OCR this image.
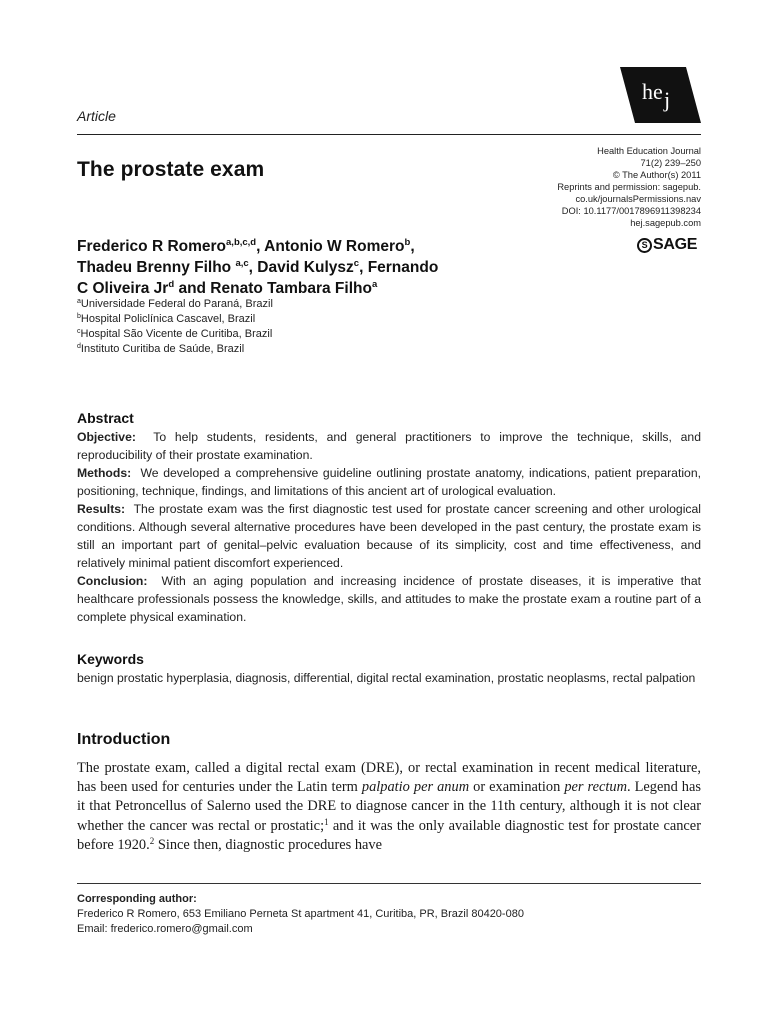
he j
Article
The prostate exam
Health Education Journal
71(2) 239–250
© The Author(s) 2011
Reprints and permission: sagepub.
co.uk/journalsPermissions.nav
DOI: 10.1177/0017896911398234
hej.sagepub.com
S SAGE
Frederico R Romero$^{a,b,c,d}$, Antonio W Romero$^b$,
Thadeu Brenny Filho $^{a,c}$, David Kulysz$^c$, Fernando
C Oliveira Jr$^d$ and Renato Tambara Filho$^a$
$^a$Universidade Federal do Paraná, Brazil
$^b$Hospital Policlínica Cascavel, Brazil
$^c$Hospital São Vicente de Curitiba, Brazil
$^d$Instituto Curitiba de Saúde, Brazil
Abstract

Objective: To help students, residents, and general practitioners to improve the technique, skills, and reproducibility of their prostate examination.

Methods: We developed a comprehensive guideline outlining prostate anatomy, indications, patient preparation, positioning, technique, findings, and limitations of this ancient art of urological evaluation.

Results: The prostate exam was the first diagnostic test used for prostate cancer screening and other urological conditions. Although several alternative procedures have been developed in the past century, the prostate exam is still an important part of genital–pelvic evaluation because of its simplicity, cost and time effectiveness, and relatively minimal patient discomfort experienced.

Conclusion: With an aging population and increasing incidence of prostate diseases, it is imperative that healthcare professionals possess the knowledge, skills, and attitudes to make the prostate exam a routine part of a complete physical examination.

Keywords

benign prostatic hyperplasia, diagnosis, differential, digital rectal examination, prostatic neoplasms, rectal palpation

Introduction

The prostate exam, called a digital rectal exam (DRE), or rectal examination in recent medical literature, has been used for centuries under the Latin term palpatio per anum or examination per rectum. Legend has it that Petroncellus of Salerno used the DRE to diagnose cancer in the 11th century, although it is not clear whether the cancer was rectal or prostatic;$^1$ and it was the only available diagnostic test for prostate cancer before 1920.$^2$ Since then, diagnostic procedures have

Corresponding author:
Frederico R Romero, 653 Emiliano Perneta St apartment 41, Curitiba, PR, Brazil 80420-080
Email: frederico.romero@gmail.com
